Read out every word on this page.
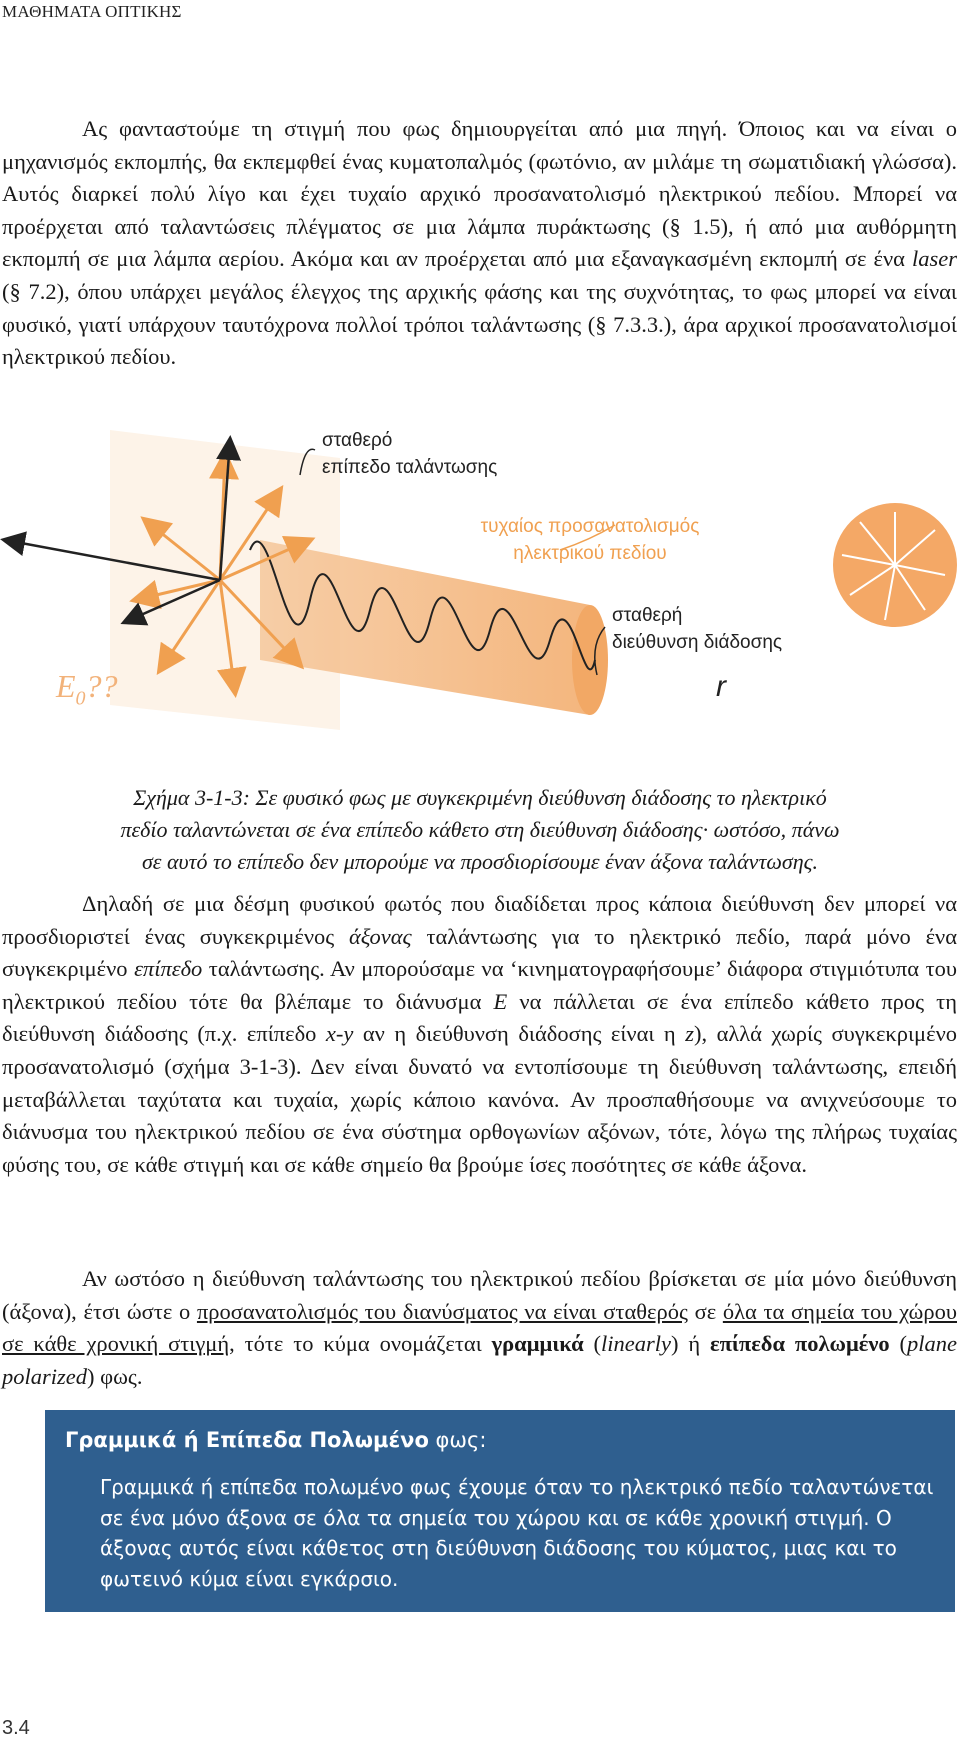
ΜΑΘΗΜΑΤΑ ΟΠΤΙΚΗΣ

Ας φανταστούμε τη στιγμή που φως δημιουργείται από μια πηγή. Όποιος και να είναι ο μηχανισμός εκπομπής, θα εκπεμφθεί ένας κυματοπαλμός (φωτόνιο, αν μιλάμε τη σωματιδιακή γλώσσα). Αυτός διαρκεί πολύ λίγο και έχει τυχαίο αρχικό προσανατολισμό ηλεκτρικού πεδίου. Μπορεί να προέρχεται από ταλαντώσεις πλέγματος σε μια λάμπα πυράκτωσης (§ 1.5), ή από μια αυθόρμητη εκπομπή σε μια λάμπα αερίου. Ακόμα και αν προέρχεται από μια εξαναγκασμένη εκπομπή σε ένα laser (§ 7.2), όπου υπάρχει μεγάλος έλεγχος της αρχικής φάσης και της συχνότητας, το φως μπορεί να είναι φυσικό, γιατί υπάρχουν ταυτόχρονα πολλοί τρόποι ταλάντωσης (§ 7.3.3.), άρα αρχικοί προσανατολισμοί ηλεκτρικού πεδίου.

σταθερό
επίπεδο ταλάντωσης
τυχαίος προσανατολισμός
ηλεκτρικού πεδίου
σταθερή
διεύθυνση διάδοσης
$E_0$??	r
Σχήμα 3-1-3: Σε φυσικό φως με συγκεκριμένη διεύθυνση διάδοσης το ηλεκτρικό
πεδίο ταλαντώνεται σε ένα επίπεδο κάθετο στη διεύθυνση διάδοσης· ωστόσο, πάνω
σε αυτό το επίπεδο δεν μπορούμε να προσδιορίσουμε έναν άξονα ταλάντωσης.

Δηλαδή σε μια δέσμη φυσικού φωτός που διαδίδεται προς κάποια διεύθυνση δεν μπορεί να προσδιοριστεί ένας συγκεκριμένος άξονας ταλάντωσης για το ηλεκτρικό πεδίο, παρά μόνο ένα συγκεκριμένο επίπεδο ταλάντωσης. Αν μπορούσαμε να ‘κινηματογραφήσουμε’ διάφορα στιγμιότυπα του ηλεκτρικού πεδίου τότε θα βλέπαμε το διάνυσμα E να πάλλεται σε ένα επίπεδο κάθετο προς τη διεύθυνση διάδοσης (π.χ. επίπεδο x-y αν η διεύθυνση διάδοσης είναι η z), αλλά χωρίς συγκεκριμένο προσανατολισμό (σχήμα 3-1-3). Δεν είναι δυνατό να εντοπίσουμε τη διεύθυνση ταλάντωσης, επειδή μεταβάλλεται ταχύτατα και τυχαία, χωρίς κάποιο κανόνα. Αν προσπαθήσουμε να ανιχνεύσουμε το διάνυσμα του ηλεκτρικού πεδίου σε ένα σύστημα ορθογωνίων αξόνων, τότε, λόγω της πλήρως τυχαίας φύσης του, σε κάθε στιγμή και σε κάθε σημείο θα βρούμε ίσες ποσότητες σε κάθε άξονα.

Αν ωστόσο η διεύθυνση ταλάντωσης του ηλεκτρικού πεδίου βρίσκεται σε μία μόνο διεύθυνση (άξονα), έτσι ώστε ο προσανατολισμός του διανύσματος να είναι σταθερός σε όλα τα σημεία του χώρου σε κάθε χρονική στιγμή, τότε το κύμα ονομάζεται γραμμικά (linearly) ή επίπεδα πολωμένο (plane polarized) φως.

Γραμμικά ή Επίπεδα Πολωμένο φως:
Γραμμικά ή επίπεδα πολωμένο φως έχουμε όταν το ηλεκτρικό πεδίο ταλαντώνεται σε ένα μόνο άξονα σε όλα τα σημεία του χώρου και σε κάθε χρονική στιγμή. Ο άξονας αυτός είναι κάθετος στη διεύθυνση διάδοσης του κύματος, μιας και το φωτεινό κύμα είναι εγκάρσιο.
3.4
